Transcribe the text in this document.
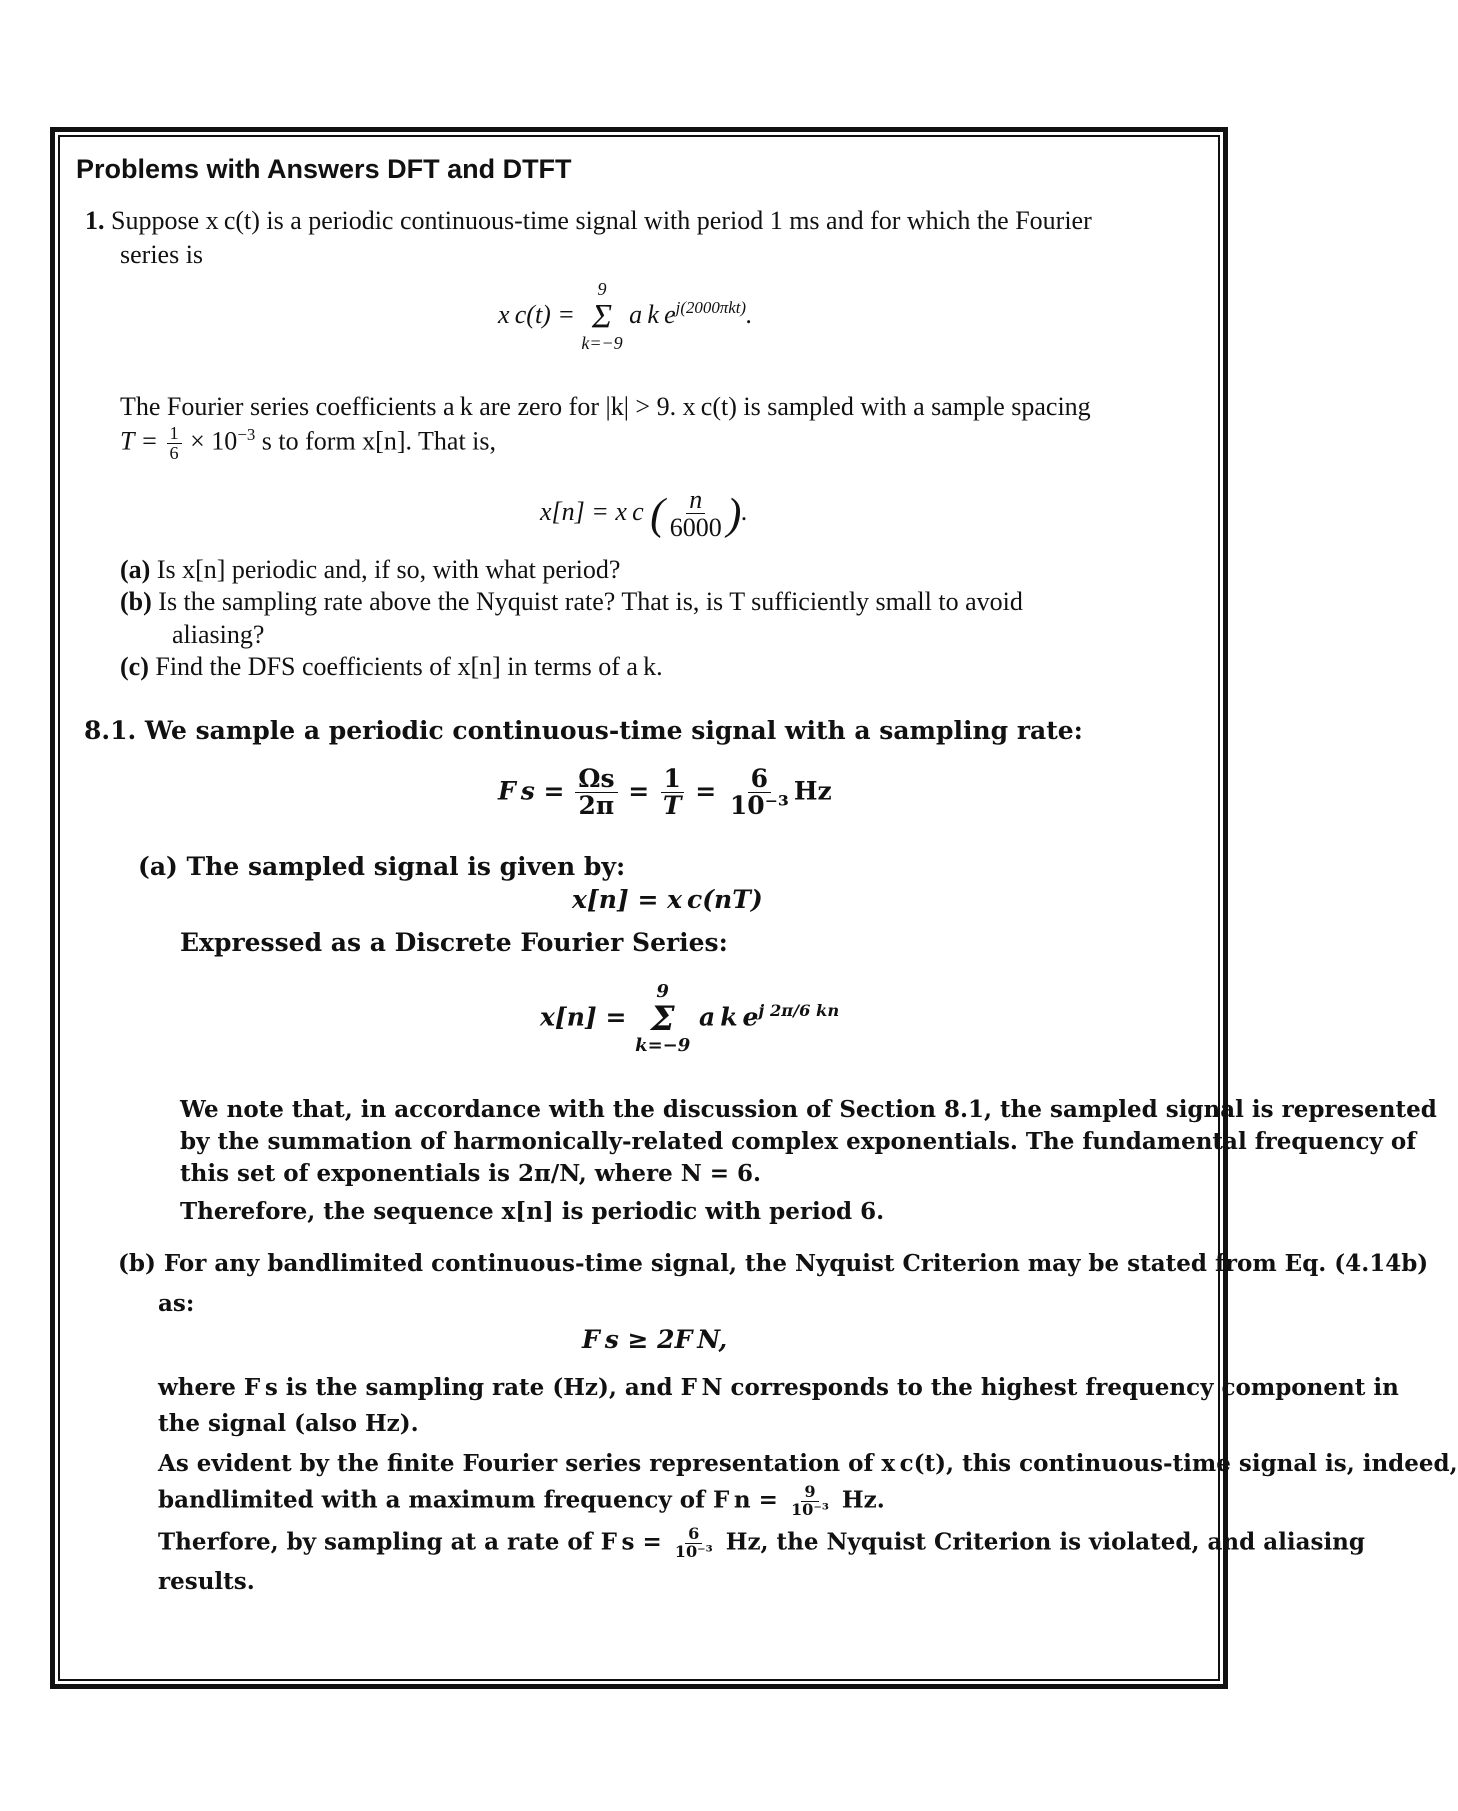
Problems with Answers DFT and DTFT
1. Suppose x c(t) is a periodic continuous-time signal with period 1 ms and for which the Fourier
series is
x c(t) =
9
Σ
k=−9
a k $e^{j(2000\pi kt)}$.
The Fourier series coefficients a k are zero for |k| > 9. x c(t) is sampled with a sample spacing
$T = \frac{1}{6} \times 10^{-3}$ s to form x[n]. That is,
x[n] = x c ( $\frac{n}{6000}$ ).
(a) Is x[n] periodic and, if so, with what period?
(b) Is the sampling rate above the Nyquist rate? That is, is T sufficiently small to avoid
aliasing?
(c) Find the DFS coefficients of x[n] in terms of a k.
8.1. We sample a periodic continuous-time signal with a sampling rate:
F $s = \frac{\Omega s}{2\pi} = \frac{1}{T} = \frac{6}{\text{10⁻³}}$ Hz
(a) The sampled signal is given by:
x[n] = x c(nT)
Expressed as a Discrete Fourier Series:
x[n] =
9
Σ
k=−9
a k $e^{j 2\pi/6 kn}$
We note that, in accordance with the discussion of Section 8.1, the sampled signal is represented
by the summation of harmonically-related complex exponentials. The fundamental frequency of
this set of exponentials is 2π/N, where N = 6.
Therefore, the sequence x[n] is periodic with period 6.
(b) For any bandlimited continuous-time signal, the Nyquist Criterion may be stated from Eq. (4.14b)
as:
F s ≥ 2F N,
where F s is the sampling rate (Hz), and F N corresponds to the highest frequency component in
the signal (also Hz).
As evident by the finite Fourier series representation of x c(t), this continuous-time signal is, indeed,
bandlimited with a maximum frequency of F $n = \frac{9}{\text{10⁻³}} Hz$.
Therfore, by sampling at a rate of F $s = \frac{6}{\text{10⁻³}} Hz$, the Nyquist Criterion is violated, and aliasing
results.
